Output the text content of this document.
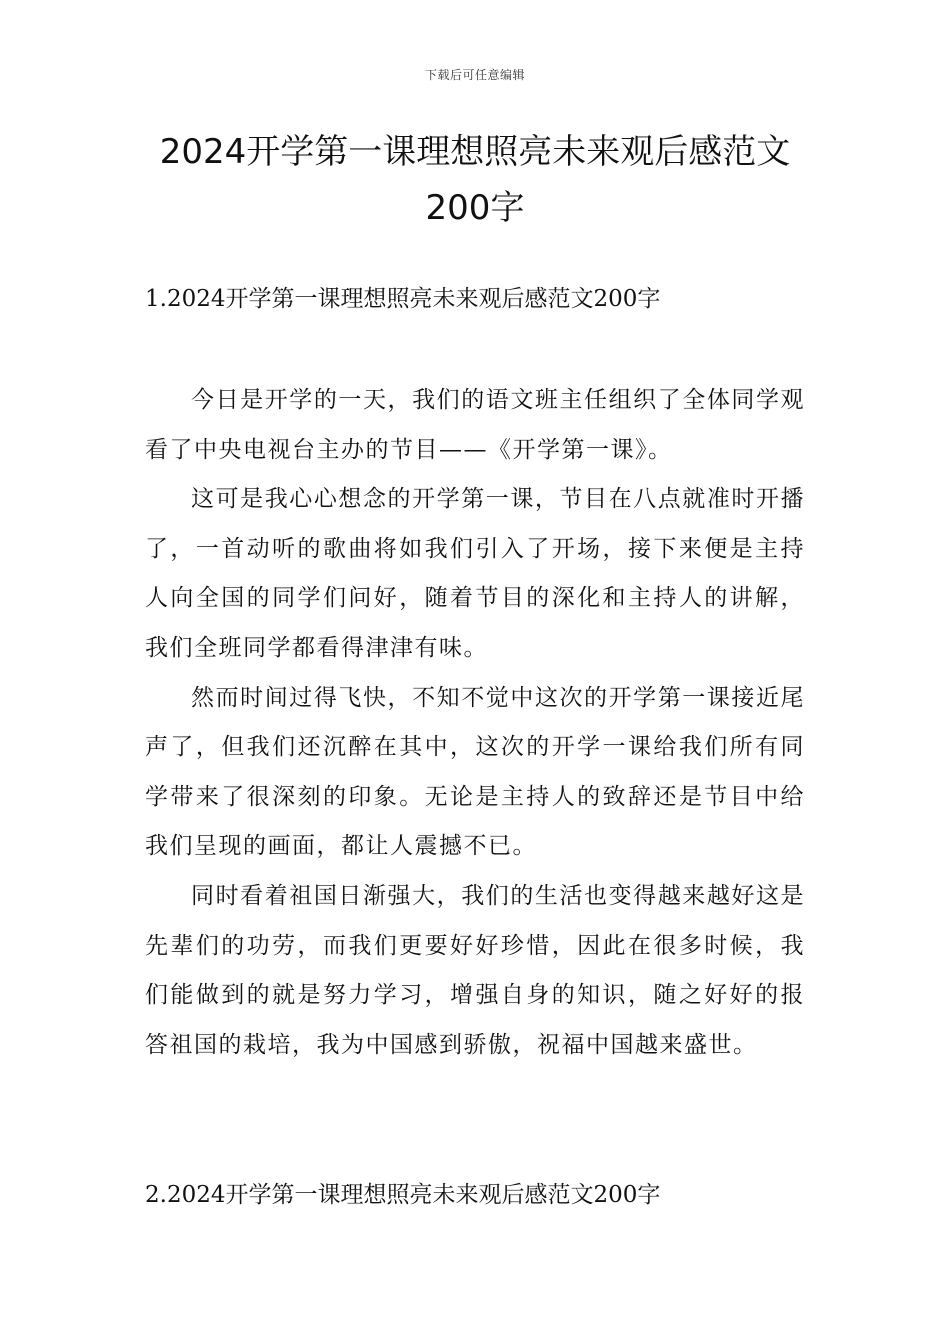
下载后可任意编辑
2024开学第一课理想照亮未来观后感范文
200字
1.2024开学第一课理想照亮未来观后感范文200字

今日是开学的一天，我们的语文班主任组织了全体同学观看了中央电视台主办的节目——《开学第一课》。

这可是我心心想念的开学第一课，节目在八点就准时开播了，一首动听的歌曲将如我们引入了开场，接下来便是主持人向全国的同学们问好，随着节目的深化和主持人的讲解，我们全班同学都看得津津有味。

然而时间过得飞快，不知不觉中这次的开学第一课接近尾声了，但我们还沉醉在其中，这次的开学一课给我们所有同学带来了很深刻的印象。无论是主持人的致辞还是节目中给我们呈现的画面，都让人震撼不已。

同时看着祖国日渐强大，我们的生活也变得越来越好这是先辈们的功劳，而我们更要好好珍惜，因此在很多时候，我们能做到的就是努力学习，增强自身的知识，随之好好的报答祖国的栽培，我为中国感到骄傲，祝福中国越来盛世。

2.2024开学第一课理想照亮未来观后感范文200字
